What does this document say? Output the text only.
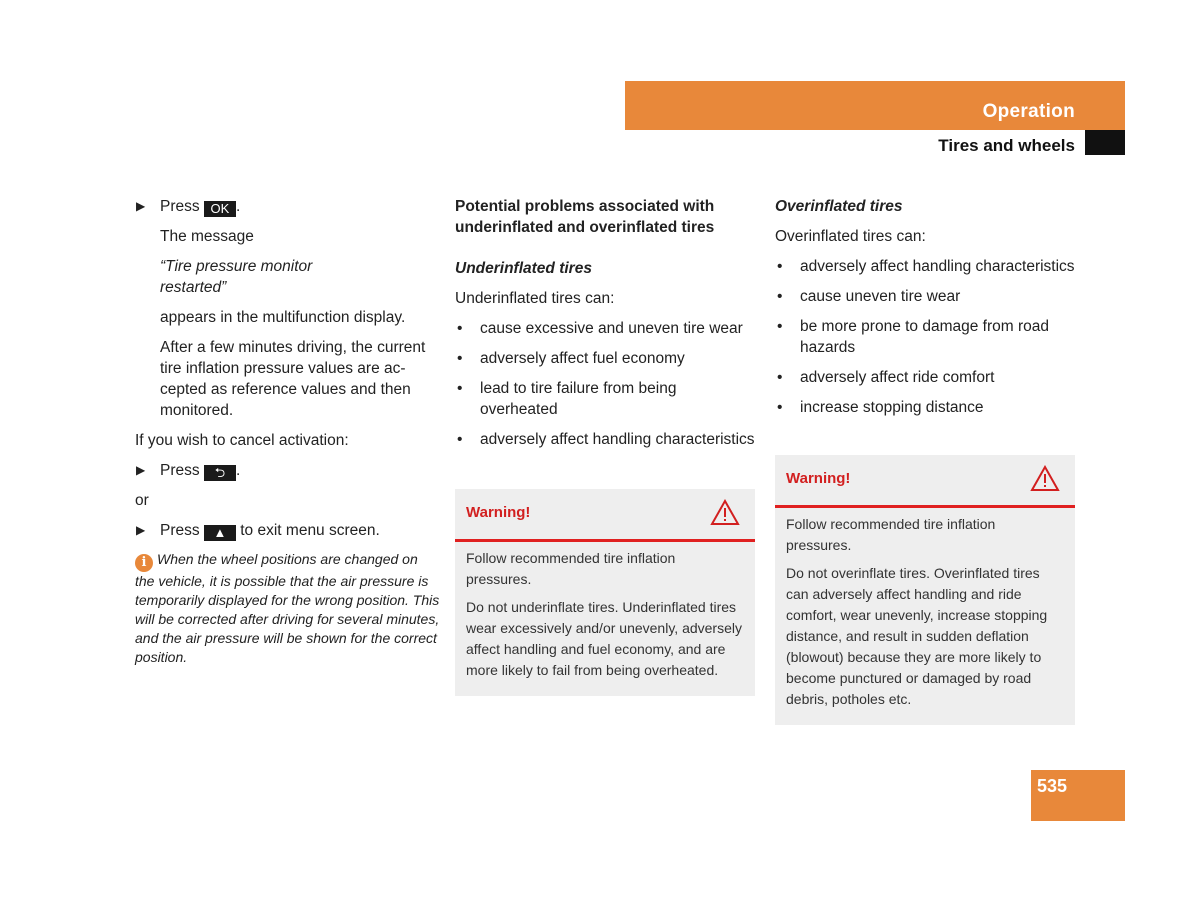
Operation
Tires and wheels
▶ Press OK .

The message

“Tire pressure monitor restarted”

appears in the multifunction display.

After a few minutes driving, the current tire inflation pressure values are ac-cepted as reference values and then monitored.

If you wish to cancel activation:

▶ Press ⮌ .

or

▶ Press ▲ to exit menu screen.
i When the wheel positions are changed on the vehicle, it is possible that the air pressure is temporarily displayed for the wrong position. This will be corrected after driving for several minutes, and the air pressure will be shown for the correct position.

Potential problems associated with underinflated and overinflated tires

Underinflated tires

Underinflated tires can:

• cause excessive and uneven tire wear
• adversely affect fuel economy
• lead to tire failure from being overheated
• adversely affect handling characteristics
Warning!

Follow recommended tire inflation pressures.

Do not underinflate tires. Underinflated tires wear excessively and/or unevenly, adversely affect handling and fuel economy, and are more likely to fail from being overheated.

Overinflated tires

Overinflated tires can:

• adversely affect handling characteristics
• cause uneven tire wear
• be more prone to damage from road hazards
• adversely affect ride comfort
• increase stopping distance
Warning!

Follow recommended tire inflation pressures.

Do not overinflate tires. Overinflated tires can adversely affect handling and ride comfort, wear unevenly, increase stopping distance, and result in sudden deflation (blowout) because they are more likely to become punctured or damaged by road debris, potholes etc.

535
